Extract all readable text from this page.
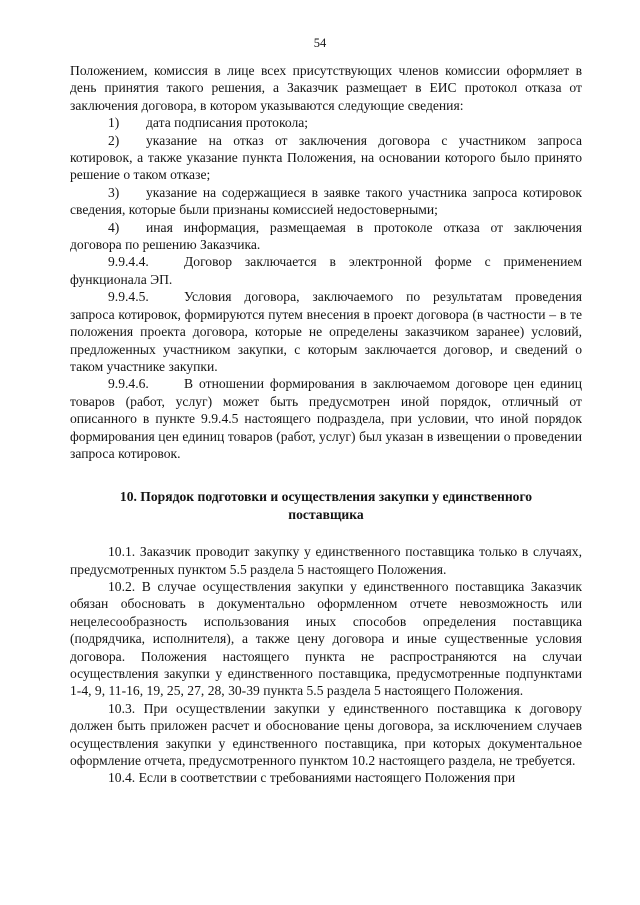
54

Положением, комиссия в лице всех присутствующих членов комиссии оформляет в день принятия такого решения, а Заказчик размещает в ЕИС протокол отказа от заключения договора, в котором указываются следующие сведения:

1) дата подписания протокола;

2) указание на отказ от заключения договора с участником запроса котировок, а также указание пункта Положения, на основании которого было принято решение о таком отказе;

3) указание на содержащиеся в заявке такого участника запроса котировок сведения, которые были признаны комиссией недостоверными;

4) иная информация, размещаемая в протоколе отказа от заключения договора по решению Заказчика.

9.9.4.4.	Договор заключается в электронной форме с применением функционала ЭП.

9.9.4.5.	Условия договора, заключаемого по результатам проведения запроса котировок, формируются путем внесения в проект договора (в частности – в те положения проекта договора, которые не определены заказчиком заранее) условий, предложенных участником закупки, с которым заключается договор, и сведений о таком участнике закупки.

9.9.4.6.	В отношении формирования в заключаемом договоре цен единиц товаров (работ, услуг) может быть предусмотрен иной порядок, отличный от описанного в пункте 9.9.4.5 настоящего подраздела, при условии, что иной порядок формирования цен единиц товаров (работ, услуг) был указан в извещении о проведении запроса котировок.

10. Порядок подготовки и осуществления закупки у единственного поставщика

10.1. Заказчик проводит закупку у единственного поставщика только в случаях, предусмотренных пунктом 5.5 раздела 5 настоящего Положения.

10.2. В случае осуществления закупки у единственного поставщика Заказчик обязан обосновать в документально оформленном отчете невозможность или нецелесообразность использования иных способов определения поставщика (подрядчика, исполнителя), а также цену договора и иные существенные условия договора. Положения настоящего пункта не распространяются на случаи осуществления закупки у единственного поставщика, предусмотренные подпунктами 1-4, 9, 11-16, 19, 25, 27, 28, 30-39 пункта 5.5 раздела 5 настоящего Положения.

10.3. При осуществлении закупки у единственного поставщика к договору должен быть приложен расчет и обоснование цены договора, за исключением случаев осуществления закупки у единственного поставщика, при которых документальное оформление отчета, предусмотренного пунктом 10.2 настоящего раздела, не требуется.

10.4. Если в соответствии с требованиями настоящего Положения при
